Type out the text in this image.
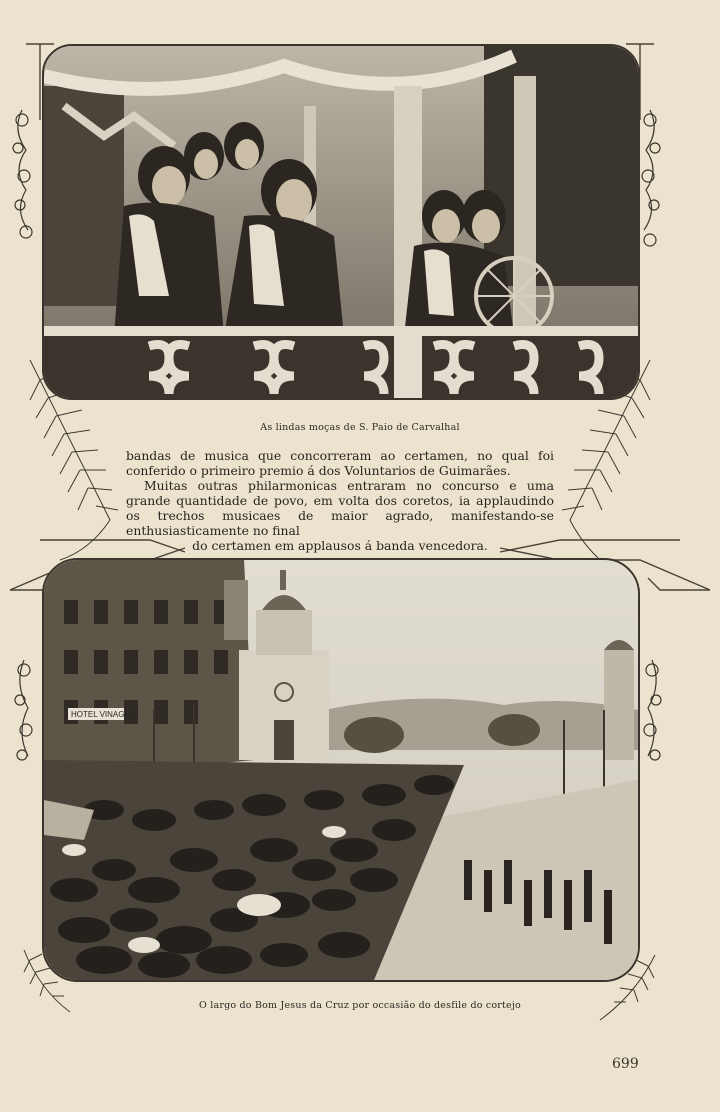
As lindas moças de S. Paio de Carvalhal

bandas de musica que concorreram ao certamen, no qual foi conferido o primeiro premio á dos Voluntarios de Guimarães.

Muitas outras philarmonicas entraram no concurso e uma grande quantidade de povo, em volta dos coretos, ia applaudindo os trechos musicaes de maior agrado, manifestando-se enthusiasticamente no final

do certamen em applausos á banda vencedora.

HOTEL VINAGRE
O largo do Bom Jesus da Cruz por occasião do desfile do cortejo
699
